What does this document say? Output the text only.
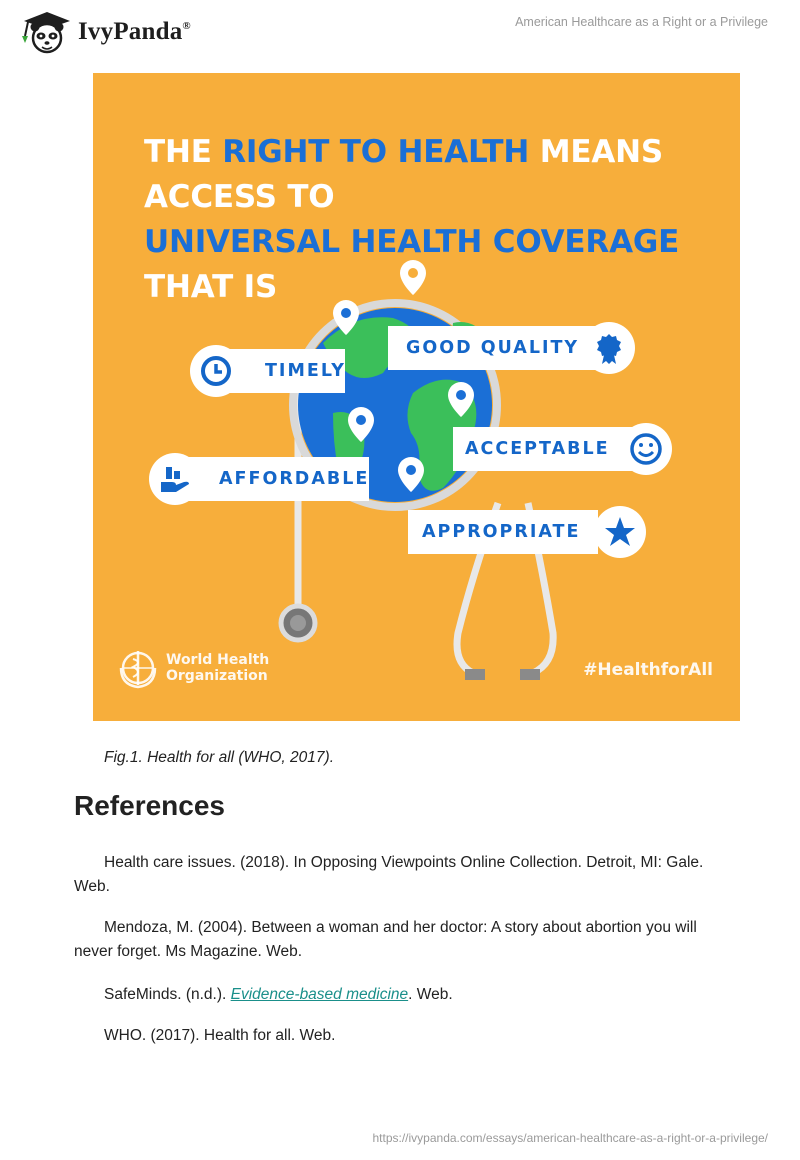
IvyPanda®	American Healthcare as a Right or a Privilege
THE RIGHT TO HEALTH MEANS
ACCESS TO
UNIVERSAL HEALTH COVERAGE
THAT IS
TIMELY
GOOD QUALITY
ACCEPTABLE
AFFORDABLE
APPROPRIATE
World Health
Organization	#HealthforAll
Fig.1. Health for all (WHO, 2017).
References

Health care issues. (2018). In Opposing Viewpoints Online Collection. Detroit, MI: Gale. Web.

Mendoza, M. (2004). Between a woman and her doctor: A story about abortion you will never forget. Ms Magazine. Web.

SafeMinds. (n.d.). Evidence-based medicine. Web.

WHO. (2017). Health for all. Web.

https://ivypanda.com/essays/american-healthcare-as-a-right-or-a-privilege/
